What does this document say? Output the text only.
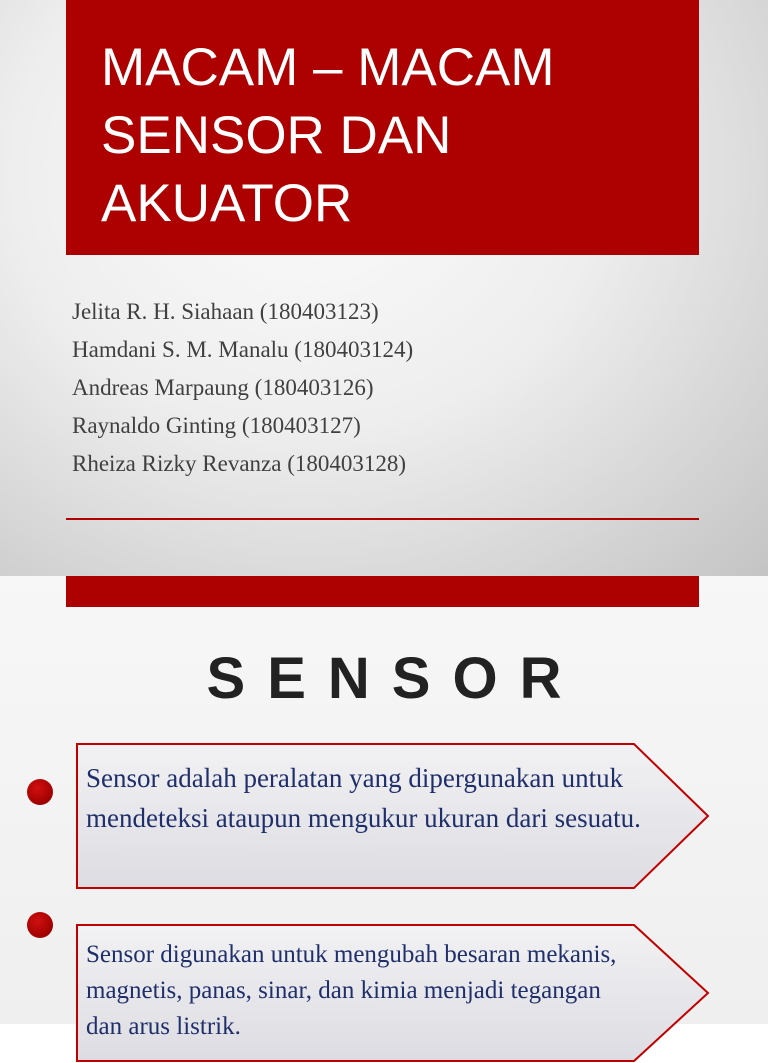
MACAM – MACAM SENSOR DAN AKUATOR
Jelita R. H. Siahaan (180403123)
Hamdani S. M. Manalu (180403124)
Andreas Marpaung (180403126)
Raynaldo Ginting (180403127)
Rheiza Rizky Revanza (180403128)
SENSOR
Sensor adalah peralatan yang dipergunakan untuk mendeteksi ataupun mengukur ukuran dari sesuatu.
Sensor digunakan untuk mengubah besaran mekanis, magnetis, panas, sinar, dan kimia menjadi tegangan dan arus listrik.
